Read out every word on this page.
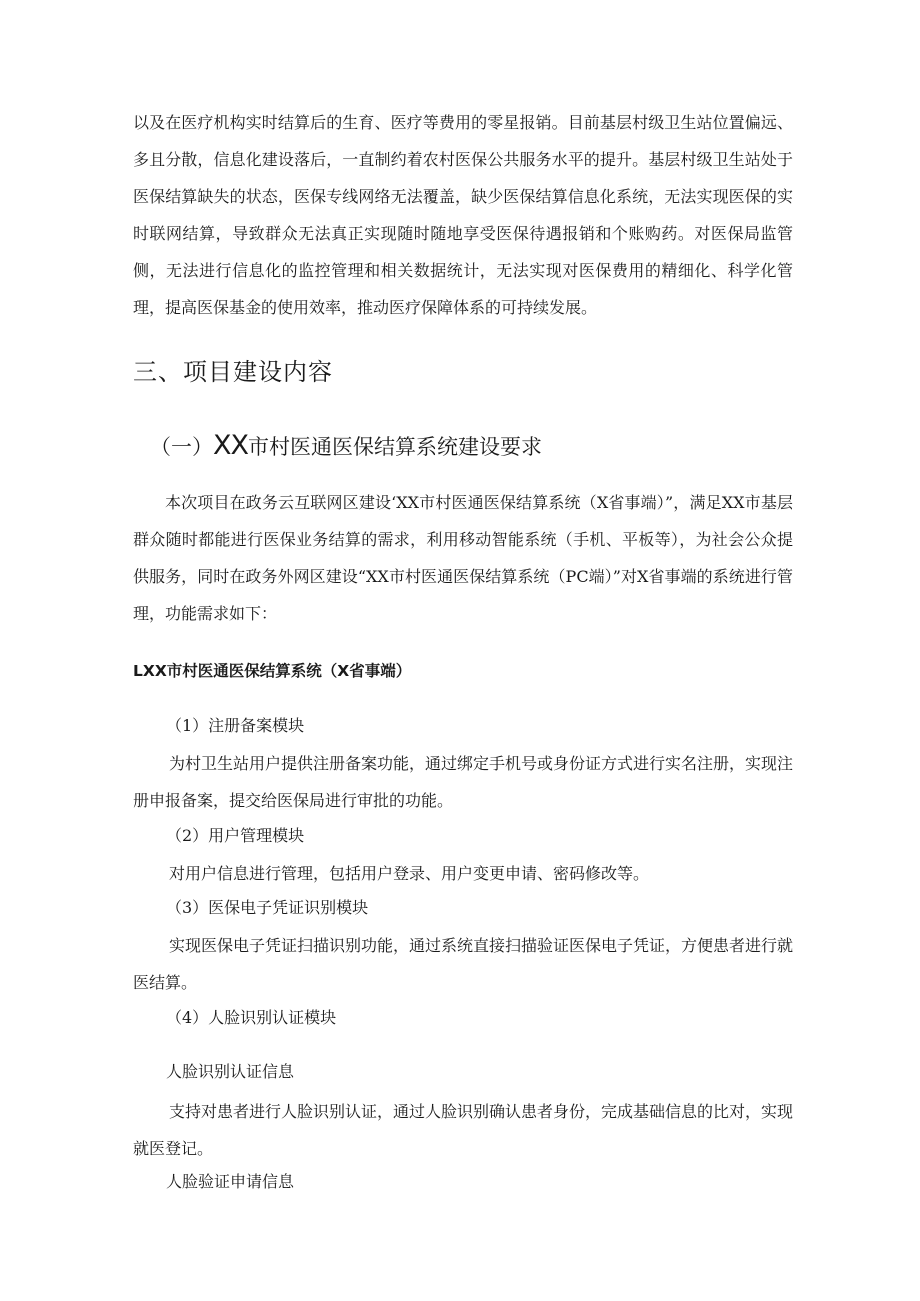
以及在医疗机构实时结算后的生育、医疗等费用的零星报销。目前基层村级卫生站位置偏远、多且分散，信息化建设落后，一直制约着农村医保公共服务水平的提升。基层村级卫生站处于医保结算缺失的状态，医保专线网络无法覆盖，缺少医保结算信息化系统，无法实现医保的实时联网结算，导致群众无法真正实现随时随地享受医保待遇报销和个账购药。对医保局监管侧，无法进行信息化的监控管理和相关数据统计，无法实现对医保费用的精细化、科学化管理，提高医保基金的使用效率，推动医疗保障体系的可持续发展。

三、项目建设内容
（一）XX市村医通医保结算系统建设要求

本次项目在政务云互联网区建设‘XX市村医通医保结算系统（X省事端）”，满足XX市基层群众随时都能进行医保业务结算的需求，利用移动智能系统（手机、平板等），为社会公众提供服务，同时在政务外网区建设“XX市村医通医保结算系统（PC端）”对X省事端的系统进行管理，功能需求如下：

LXX市村医通医保结算系统（X省事端）

（1）注册备案模块

为村卫生站用户提供注册备案功能，通过绑定手机号或身份证方式进行实名注册，实现注册申报备案，提交给医保局进行审批的功能。

（2）用户管理模块

对用户信息进行管理，包括用户登录、用户变更申请、密码修改等。

（3）医保电子凭证识别模块

实现医保电子凭证扫描识别功能，通过系统直接扫描验证医保电子凭证，方便患者进行就医结算。

（4）人脸识别认证模块

人脸识别认证信息

支持对患者进行人脸识别认证，通过人脸识别确认患者身份，完成基础信息的比对，实现就医登记。

人脸验证申请信息
